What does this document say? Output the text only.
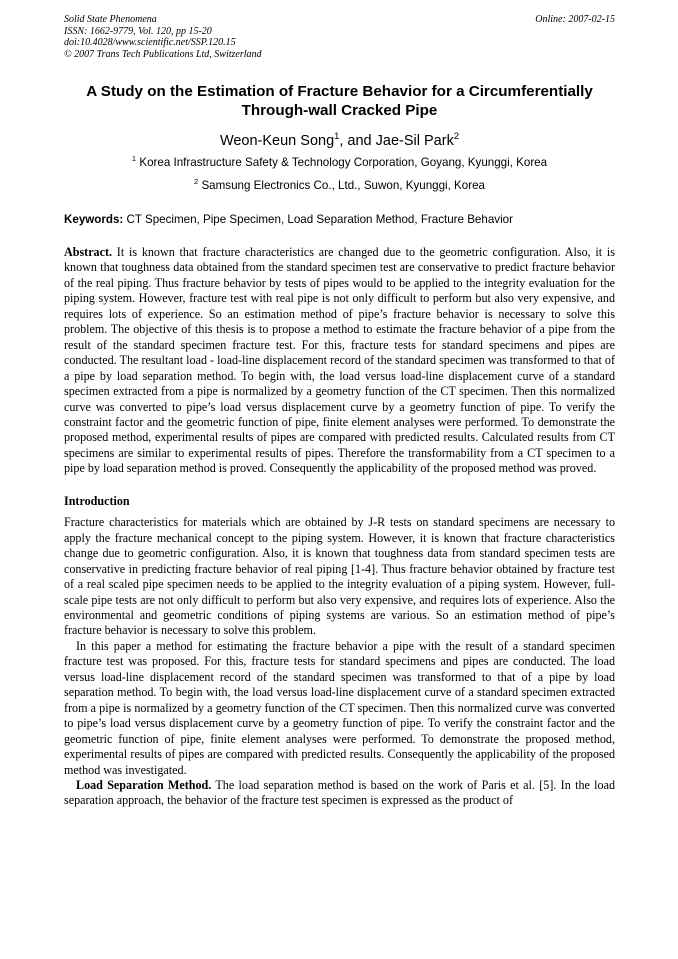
Solid State Phenomena
ISSN: 1662-9779, Vol. 120, pp 15-20
doi:10.4028/www.scientific.net/SSP.120.15
© 2007 Trans Tech Publications Ltd, Switzerland
Online: 2007-02-15
A Study on the Estimation of Fracture Behavior for a Circumferentially Through-wall Cracked Pipe
Weon-Keun Song$^1$, and Jae-Sil Park$^2$
$^1$ Korea Infrastructure Safety & Technology Corporation, Goyang, Kyunggi, Korea
$^2$ Samsung Electronics Co., Ltd., Suwon, Kyunggi, Korea
Keywords: CT Specimen, Pipe Specimen, Load Separation Method, Fracture Behavior
Abstract. It is known that fracture characteristics are changed due to the geometric configuration. Also, it is known that toughness data obtained from the standard specimen test are conservative to predict fracture behavior of the real piping. Thus fracture behavior by tests of pipes would to be applied to the integrity evaluation for the piping system. However, fracture test with real pipe is not only difficult to perform but also very expensive, and requires lots of experience. So an estimation method of pipe’s fracture behavior is necessary to solve this problem. The objective of this thesis is to propose a method to estimate the fracture behavior of a pipe from the result of the standard specimen fracture test. For this, fracture tests for standard specimens and pipes are conducted. The resultant load - load-line displacement record of the standard specimen was transformed to that of a pipe by load separation method. To begin with, the load versus load-line displacement curve of a standard specimen extracted from a pipe is normalized by a geometry function of the CT specimen. Then this normalized curve was converted to pipe’s load versus displacement curve by a geometry function of pipe. To verify the constraint factor and the geometric function of pipe, finite element analyses were performed. To demonstrate the proposed method, experimental results of pipes are compared with predicted results. Calculated results from CT specimens are similar to experimental results of pipes. Therefore the transformability from a CT specimen to a pipe by load separation method is proved. Consequently the applicability of the proposed method was proved.
Introduction

Fracture characteristics for materials which are obtained by J-R tests on standard specimens are necessary to apply the fracture mechanical concept to the piping system. However, it is known that fracture characteristics change due to geometric configuration. Also, it is known that toughness data from standard specimen tests are conservative in predicting fracture behavior of real piping [1-4]. Thus fracture behavior obtained by fracture test of a real scaled pipe specimen needs to be applied to the integrity evaluation of a piping system. However, full-scale pipe tests are not only difficult to perform but also very expensive, and requires lots of experience. Also the environmental and geometric conditions of piping systems are various. So an estimation method of pipe’s fracture behavior is necessary to solve this problem.

In this paper a method for estimating the fracture behavior a pipe with the result of a standard specimen fracture test was proposed. For this, fracture tests for standard specimens and pipes are conducted. The load versus load-line displacement record of the standard specimen was transformed to that of a pipe by load separation method. To begin with, the load versus load-line displacement curve of a standard specimen extracted from a pipe is normalized by a geometry function of the CT specimen. Then this normalized curve was converted to pipe’s load versus displacement curve by a geometry function of pipe. To verify the constraint factor and the geometric function of pipe, finite element analyses were performed. To demonstrate the proposed method, experimental results of pipes are compared with predicted results. Consequently the applicability of the proposed method was investigated.

Load Separation Method. The load separation method is based on the work of Paris et al. [5]. In the load separation approach, the behavior of the fracture test specimen is expressed as the product of
